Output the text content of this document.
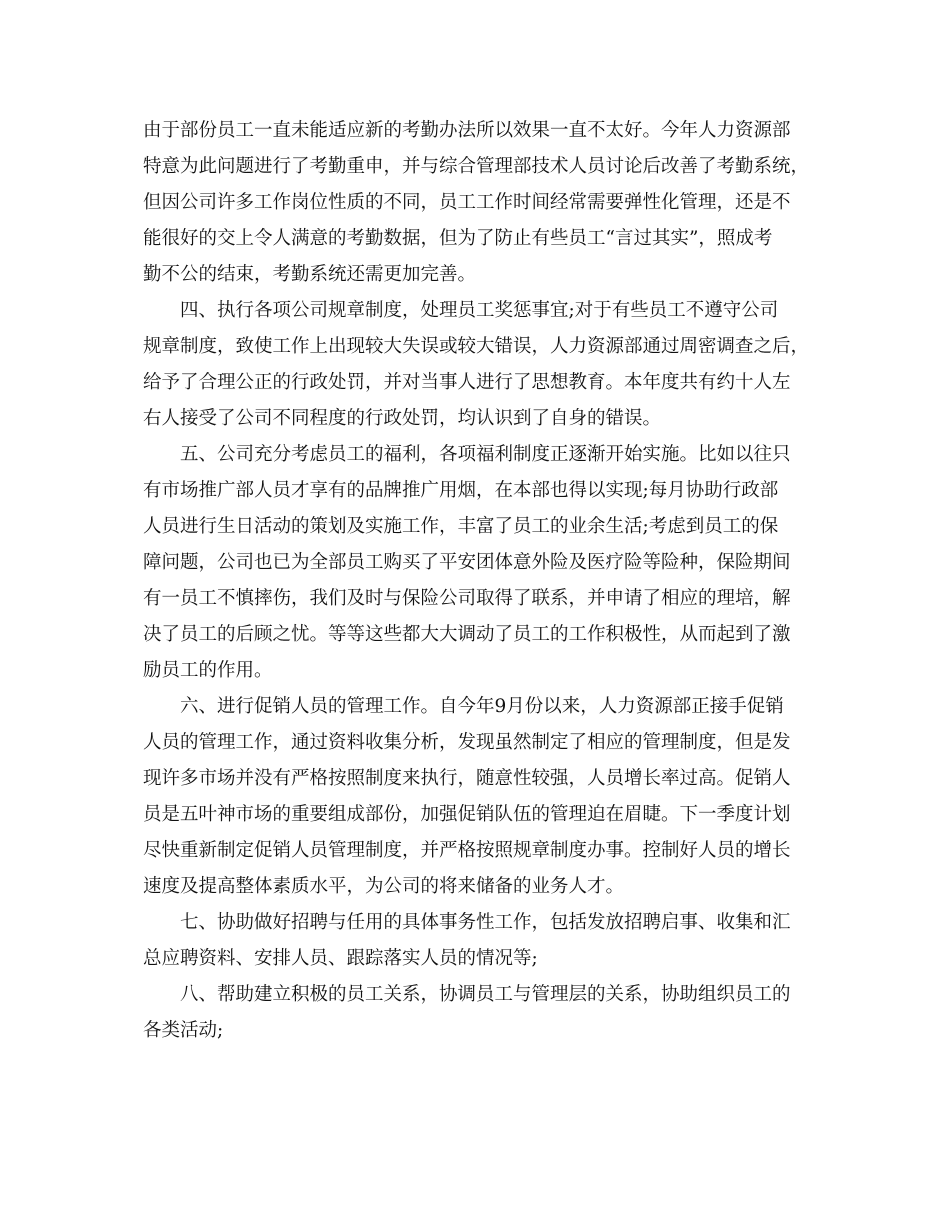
由于部份员工一直未能适应新的考勤办法所以效果一直不太好。今年人力资源部
特意为此问题进行了考勤重申，并与综合管理部技术人员讨论后改善了考勤系统，
但因公司许多工作岗位性质的不同，员工工作时间经常需要弹性化管理，还是不
能很好的交上令人满意的考勤数据，但为了防止有些员工“言过其实”，照成考
勤不公的结束，考勤系统还需更加完善。
四、执行各项公司规章制度，处理员工奖惩事宜;对于有些员工不遵守公司
规章制度，致使工作上出现较大失误或较大错误，人力资源部通过周密调查之后，
给予了合理公正的行政处罚，并对当事人进行了思想教育。本年度共有约十人左
右人接受了公司不同程度的行政处罚，均认识到了自身的错误。
五、公司充分考虑员工的福利，各项福利制度正逐渐开始实施。比如以往只
有市场推广部人员才享有的品牌推广用烟，在本部也得以实现;每月协助行政部
人员进行生日活动的策划及实施工作，丰富了员工的业余生活;考虑到员工的保
障问题，公司也已为全部员工购买了平安团体意外险及医疗险等险种，保险期间
有一员工不慎摔伤，我们及时与保险公司取得了联系，并申请了相应的理培，解
决了员工的后顾之忧。等等这些都大大调动了员工的工作积极性，从而起到了激
励员工的作用。
六、进行促销人员的管理工作。自今年9月份以来，人力资源部正接手促销
人员的管理工作，通过资料收集分析，发现虽然制定了相应的管理制度，但是发
现许多市场并没有严格按照制度来执行，随意性较强，人员增长率过高。促销人
员是五叶神市场的重要组成部份，加强促销队伍的管理迫在眉睫。下一季度计划
尽快重新制定促销人员管理制度，并严格按照规章制度办事。控制好人员的增长
速度及提高整体素质水平，为公司的将来储备的业务人才。
七、协助做好招聘与任用的具体事务性工作，包括发放招聘启事、收集和汇
总应聘资料、安排人员、跟踪落实人员的情况等;
八、帮助建立积极的员工关系，协调员工与管理层的关系，协助组织员工的
各类活动;
